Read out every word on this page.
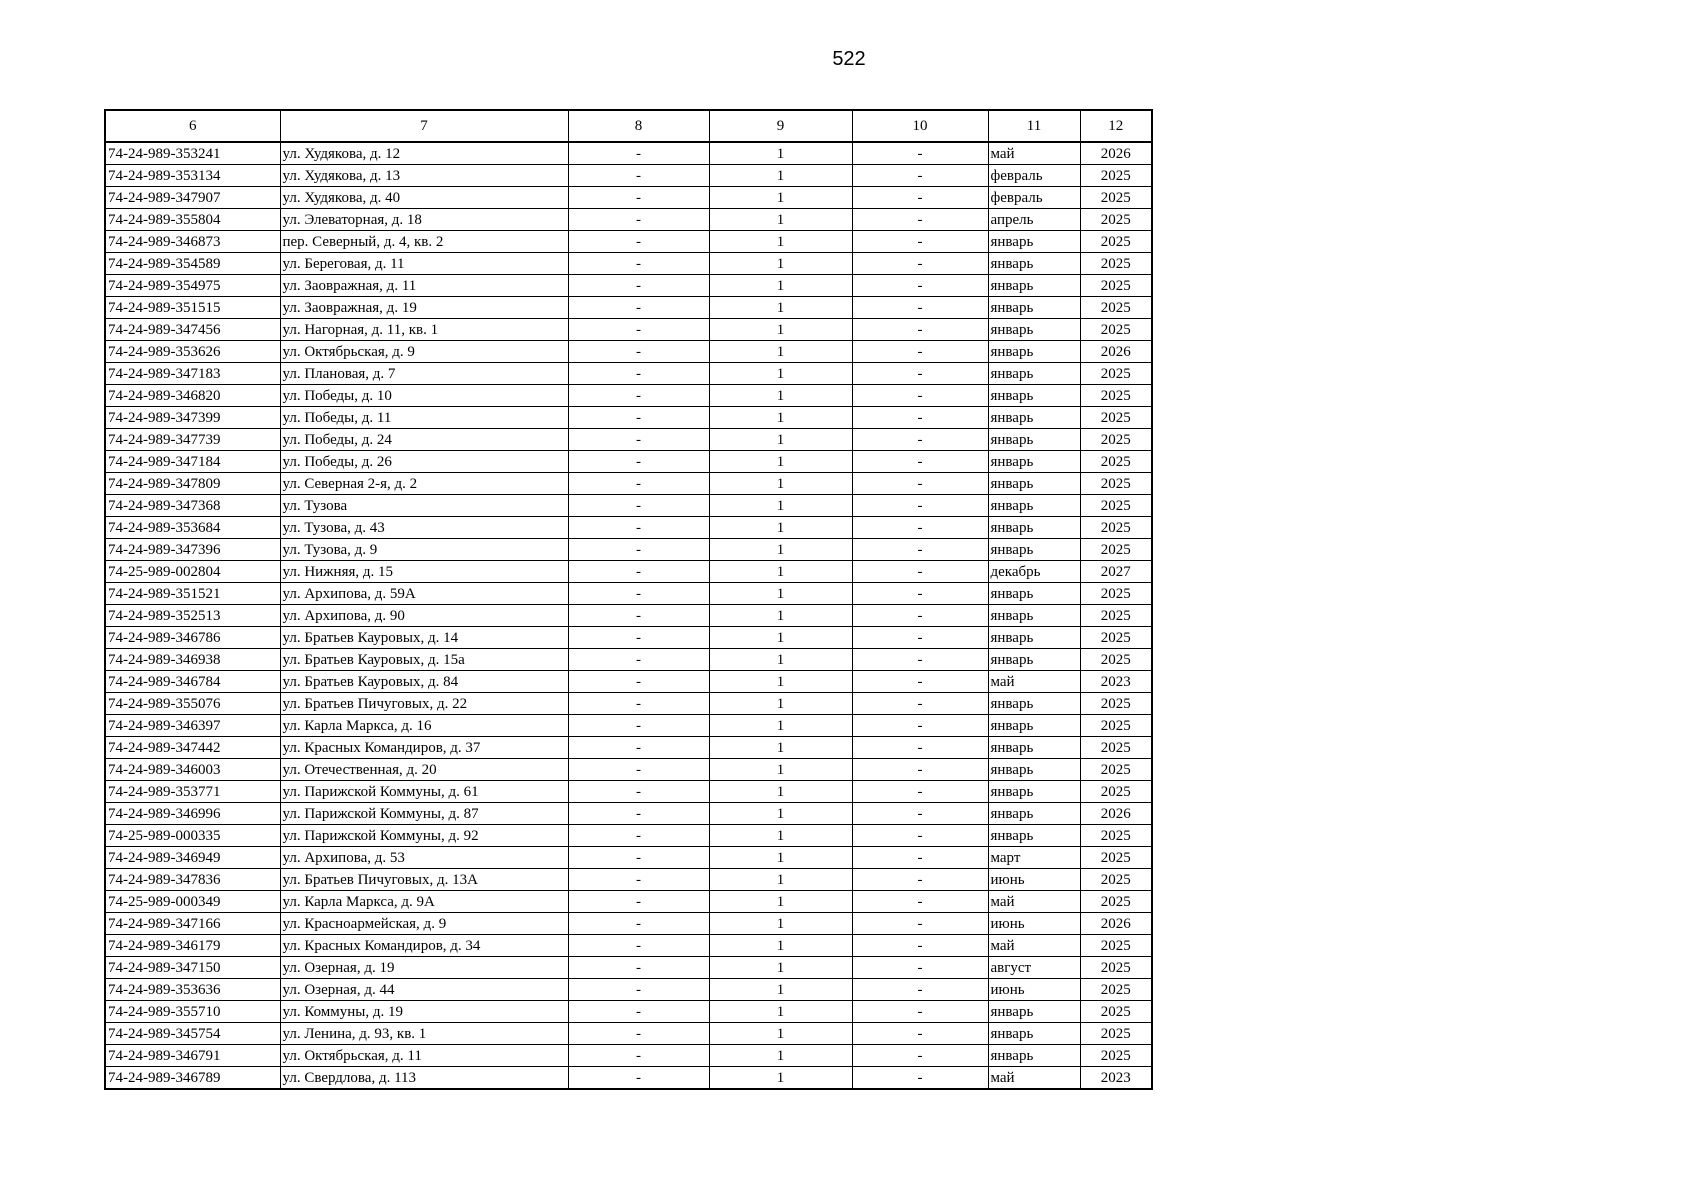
522
6	7	8	9	10	11	12
74-24-989-353241	ул. Худякова, д. 12	-	1	-	май	2026
74-24-989-353134	ул. Худякова, д. 13	-	1	-	февраль	2025
74-24-989-347907	ул. Худякова, д. 40	-	1	-	февраль	2025
74-24-989-355804	ул. Элеваторная, д. 18	-	1	-	апрель	2025
74-24-989-346873	пер. Северный, д. 4, кв. 2	-	1	-	январь	2025
74-24-989-354589	ул. Береговая, д. 11	-	1	-	январь	2025
74-24-989-354975	ул. Заовражная, д. 11	-	1	-	январь	2025
74-24-989-351515	ул. Заовражная, д. 19	-	1	-	январь	2025
74-24-989-347456	ул. Нагорная, д. 11, кв. 1	-	1	-	январь	2025
74-24-989-353626	ул. Октябрьская, д. 9	-	1	-	январь	2026
74-24-989-347183	ул. Плановая, д. 7	-	1	-	январь	2025
74-24-989-346820	ул. Победы, д. 10	-	1	-	январь	2025
74-24-989-347399	ул. Победы, д. 11	-	1	-	январь	2025
74-24-989-347739	ул. Победы, д. 24	-	1	-	январь	2025
74-24-989-347184	ул. Победы, д. 26	-	1	-	январь	2025
74-24-989-347809	ул. Северная 2-я, д. 2	-	1	-	январь	2025
74-24-989-347368	ул. Тузова	-	1	-	январь	2025
74-24-989-353684	ул. Тузова, д. 43	-	1	-	январь	2025
74-24-989-347396	ул. Тузова, д. 9	-	1	-	январь	2025
74-25-989-002804	ул. Нижняя, д. 15	-	1	-	декабрь	2027
74-24-989-351521	ул. Архипова, д. 59А	-	1	-	январь	2025
74-24-989-352513	ул. Архипова, д. 90	-	1	-	январь	2025
74-24-989-346786	ул. Братьев Кауровых, д. 14	-	1	-	январь	2025
74-24-989-346938	ул. Братьев Кауровых, д. 15а	-	1	-	январь	2025
74-24-989-346784	ул. Братьев Кауровых, д. 84	-	1	-	май	2023
74-24-989-355076	ул. Братьев Пичуговых, д. 22	-	1	-	январь	2025
74-24-989-346397	ул. Карла Маркса, д. 16	-	1	-	январь	2025
74-24-989-347442	ул. Красных Командиров, д. 37	-	1	-	январь	2025
74-24-989-346003	ул. Отечественная, д. 20	-	1	-	январь	2025
74-24-989-353771	ул. Парижской Коммуны, д. 61	-	1	-	январь	2025
74-24-989-346996	ул. Парижской Коммуны, д. 87	-	1	-	январь	2026
74-25-989-000335	ул. Парижской Коммуны, д. 92	-	1	-	январь	2025
74-24-989-346949	ул. Архипова, д. 53	-	1	-	март	2025
74-24-989-347836	ул. Братьев Пичуговых, д. 13А	-	1	-	июнь	2025
74-25-989-000349	ул. Карла Маркса, д. 9А	-	1	-	май	2025
74-24-989-347166	ул. Красноармейская, д. 9	-	1	-	июнь	2026
74-24-989-346179	ул. Красных Командиров, д. 34	-	1	-	май	2025
74-24-989-347150	ул. Озерная, д. 19	-	1	-	август	2025
74-24-989-353636	ул. Озерная, д. 44	-	1	-	июнь	2025
74-24-989-355710	ул. Коммуны, д. 19	-	1	-	январь	2025
74-24-989-345754	ул. Ленина, д. 93, кв. 1	-	1	-	январь	2025
74-24-989-346791	ул. Октябрьская, д. 11	-	1	-	январь	2025
74-24-989-346789	ул. Свердлова, д. 113	-	1	-	май	2023
